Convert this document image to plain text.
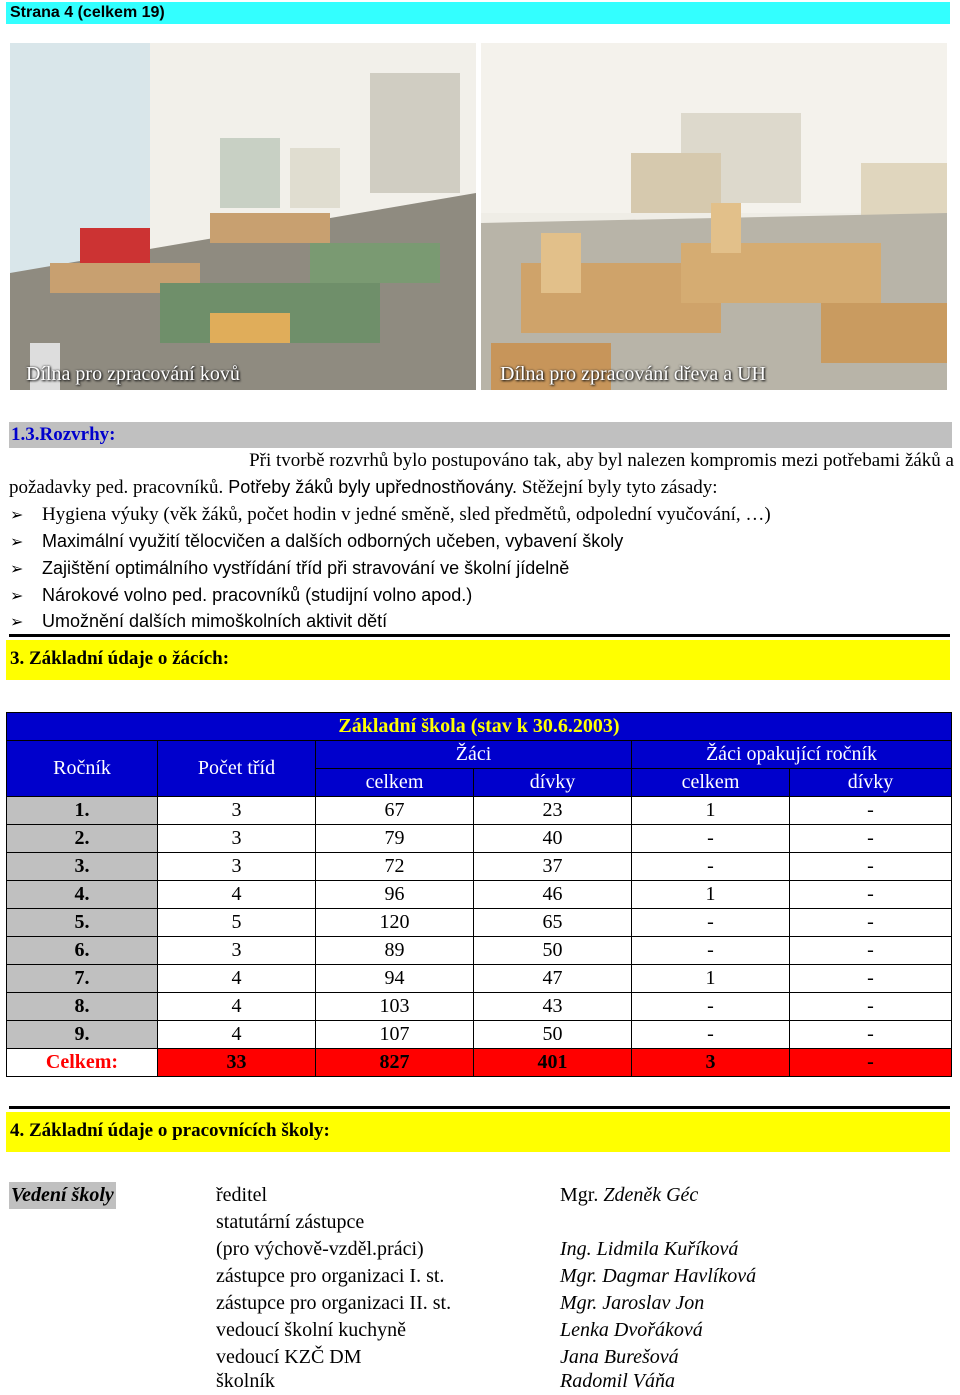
Strana 4 (celkem 19)
Dílna pro zpracování kovů	Dílna pro zpracování dřeva a UH
1.3.Rozvrhy:
Při tvorbě rozvrhů bylo postupováno tak, aby byl nalezen kompromis mezi potřebami žáků a
požadavky ped. pracovníků. Potřeby žáků byly upřednostňovány. Stěžejní byly tyto zásady:
➢ Hygiena výuky (věk žáků, počet hodin v jedné směně, sled předmětů, odpolední vyučování, …)
➢ Maximální využití tělocvičen a dalších odborných učeben, vybavení školy
➢ Zajištění optimálního vystřídání tříd při stravování ve školní jídelně
➢ Nárokové volno ped. pracovníků (studijní volno apod.)
➢ Umožnění dalších mimoškolních aktivit dětí
3. Základní údaje o žácích:
Základní škola (stav k 30.6.2003)					
Ročník	Počet tříd	Žáci		Žáci opakující ročník	
		celkem	dívky	celkem	dívky
1.	3	67	23	1	-
2.	3	79	40	-	-
3.	3	72	37	-	-
4.	4	96	46	1	-
5.	5	120	65	-	-
6.	3	89	50	-	-
7.	4	94	47	1	-
8.	4	103	43	-	-
9.	4	107	50	-	-
Celkem:	33	827	401	3	-
4. Základní údaje o pracovnících školy:
Vedení školy	ředitel	Mgr. Zdeněk Géc
statutární zástupce
(pro výchově-vzděl.práci)	Ing. Lidmila Kuříková
zástupce pro organizaci I. st.	Mgr. Dagmar Havlíková
zástupce pro organizaci II. st.	Mgr. Jaroslav Jon
vedoucí školní kuchyně	Lenka Dvořáková
vedoucí KZČ DM	Jana Burešová
školník	Radomil Váňa
